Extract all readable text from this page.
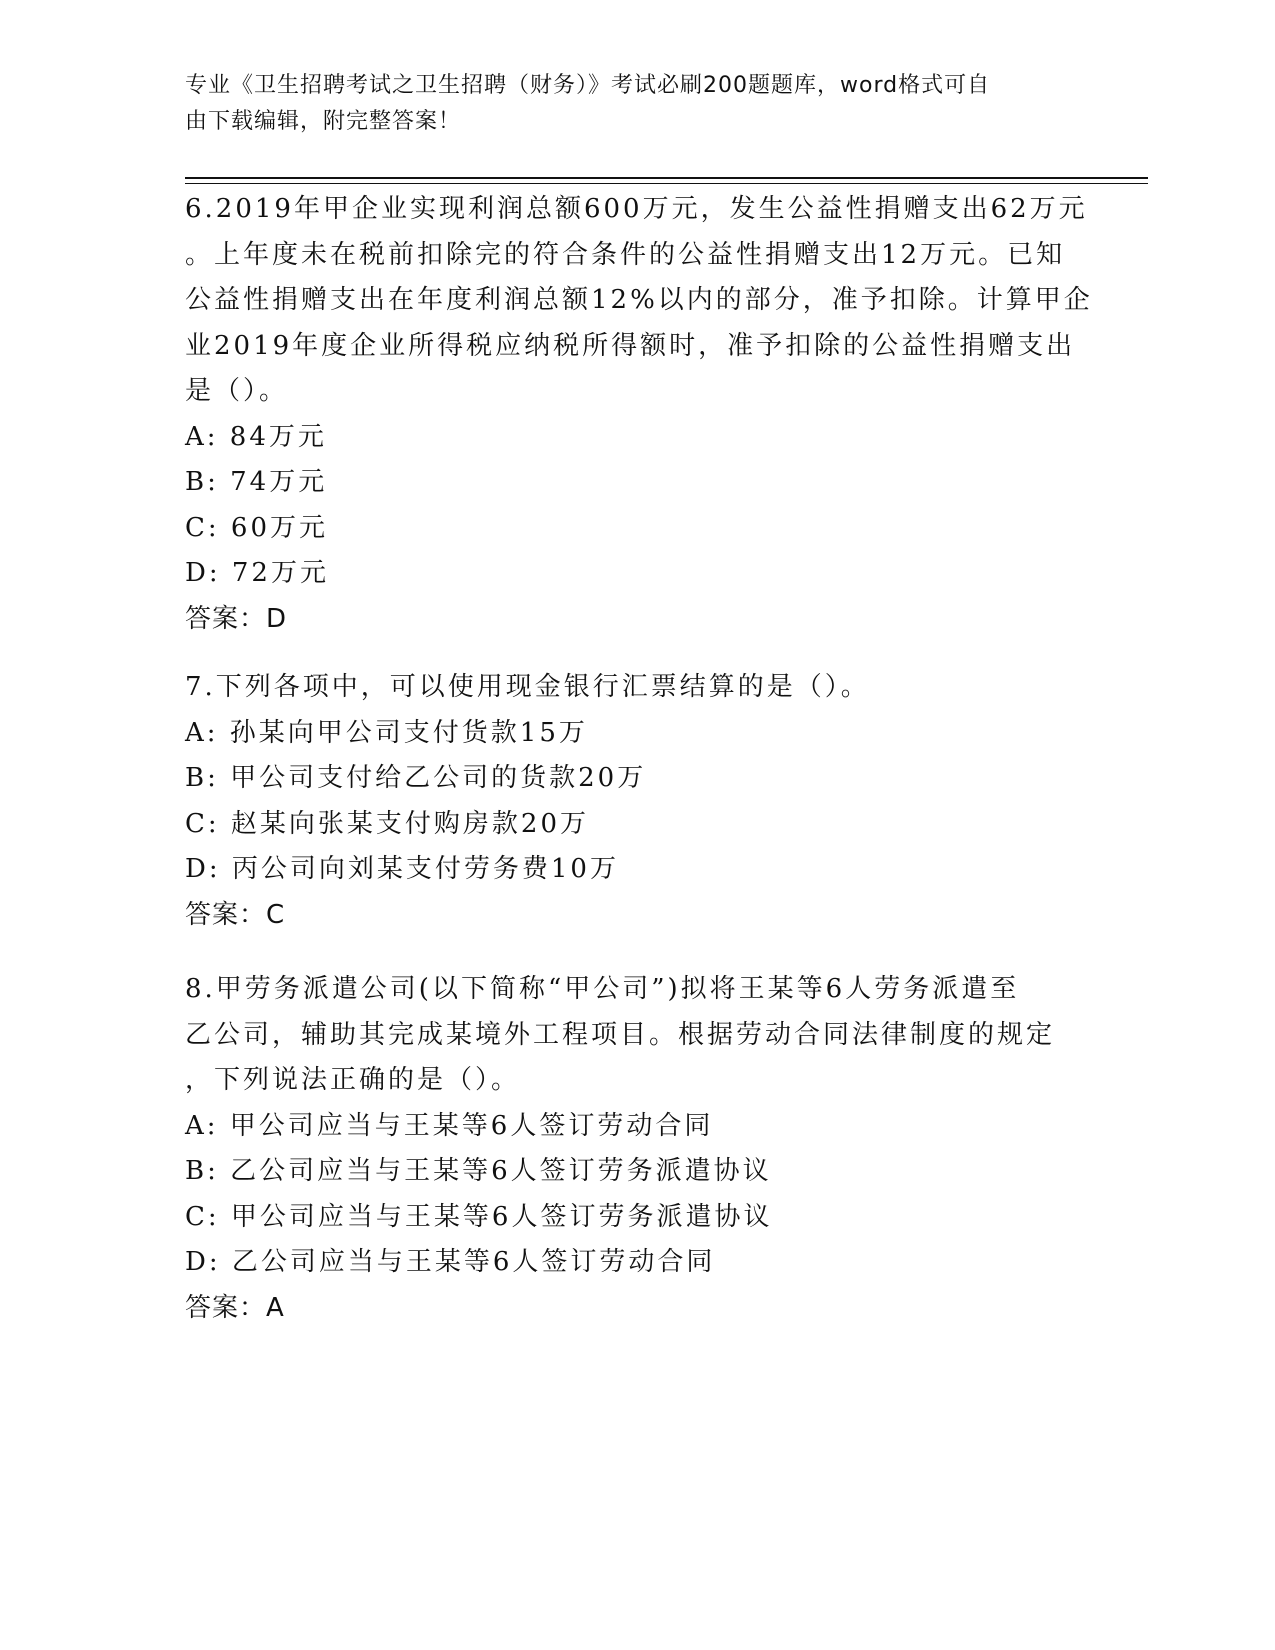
专业《卫生招聘考试之卫生招聘（财务）》考试必刷200题题库，word格式可自
由下载编辑，附完整答案！
6.2019年甲企业实现利润总额600万元，发生公益性捐赠支出62万元
。上年度未在税前扣除完的符合条件的公益性捐赠支出12万元。已知
公益性捐赠支出在年度利润总额12%以内的部分，准予扣除。计算甲企
业2019年度企业所得税应纳税所得额时，准予扣除的公益性捐赠支出
是（）。
A: 84万元
B: 74万元
C: 60万元
D: 72万元
答案：D
7.下列各项中，可以使用现金银行汇票结算的是（）。
A: 孙某向甲公司支付货款15万
B: 甲公司支付给乙公司的货款20万
C: 赵某向张某支付购房款20万
D: 丙公司向刘某支付劳务费10万
答案：C
8.甲劳务派遣公司(以下简称“甲公司”)拟将王某等6人劳务派遣至
乙公司，辅助其完成某境外工程项目。根据劳动合同法律制度的规定
，下列说法正确的是（）。
A: 甲公司应当与王某等6人签订劳动合同
B: 乙公司应当与王某等6人签订劳务派遣协议
C: 甲公司应当与王某等6人签订劳务派遣协议
D: 乙公司应当与王某等6人签订劳动合同
答案：A
